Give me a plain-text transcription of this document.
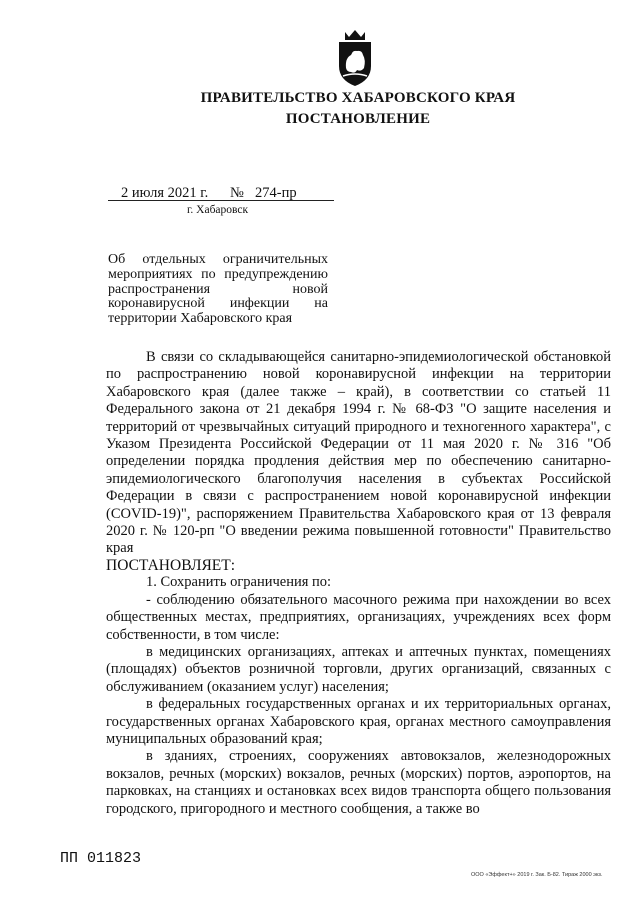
ПРАВИТЕЛЬСТВО ХАБАРОВСКОГО КРАЯ
ПОСТАНОВЛЕНИЕ
2 июля 2021 г. № 274-пр
г. Хабаровск
Об отдельных ограничительных мероприятиях по предупреждению распространения новой коронавирусной инфекции на территории Хабаровского края

В связи со складывающейся санитарно-эпидемиологической обстановкой по распространению новой коронавирусной инфекции на территории Хабаровского края (далее также – край), в соответствии со статьей 11 Федерального закона от 21 декабря 1994 г. № 68-ФЗ "О защите населения и территорий от чрезвычайных ситуаций природного и техногенного характера", с Указом Президента Российской Федерации от 11 мая 2020 г. № 316 "Об определении порядка продления действия мер по обеспечению санитарно-эпидемиологического благополучия населения в субъектах Российской Федерации в связи с распространением новой коронавирусной инфекции (COVID-19)", распоряжением Правительства Хабаровского края от 13 февраля 2020 г. № 120-рп "О введении режима повышенной готовности" Правительство края

ПОСТАНОВЛЯЕТ:

1. Сохранить ограничения по:

- соблюдению обязательного масочного режима при нахождении во всех общественных местах, предприятиях, организациях, учреждениях всех форм собственности, в том числе:

в медицинских организациях, аптеках и аптечных пунктах, помещениях (площадях) объектов розничной торговли, других организаций, связанных с обслуживанием (оказанием услуг) населения;

в федеральных государственных органах и их территориальных органах, государственных органах Хабаровского края, органах местного самоуправления муниципальных образований края;

в зданиях, строениях, сооружениях автовокзалов, железнодорожных вокзалов, речных (морских) вокзалов, речных (морских) портов, аэропортов, на парковках, на станциях и остановках всех видов транспорта общего пользования городского, пригородного и местного сообщения, а также во

ПП 011823
ООО «Эффект+» 2019 г. Зак. Б-82. Тираж 2000 экз.
